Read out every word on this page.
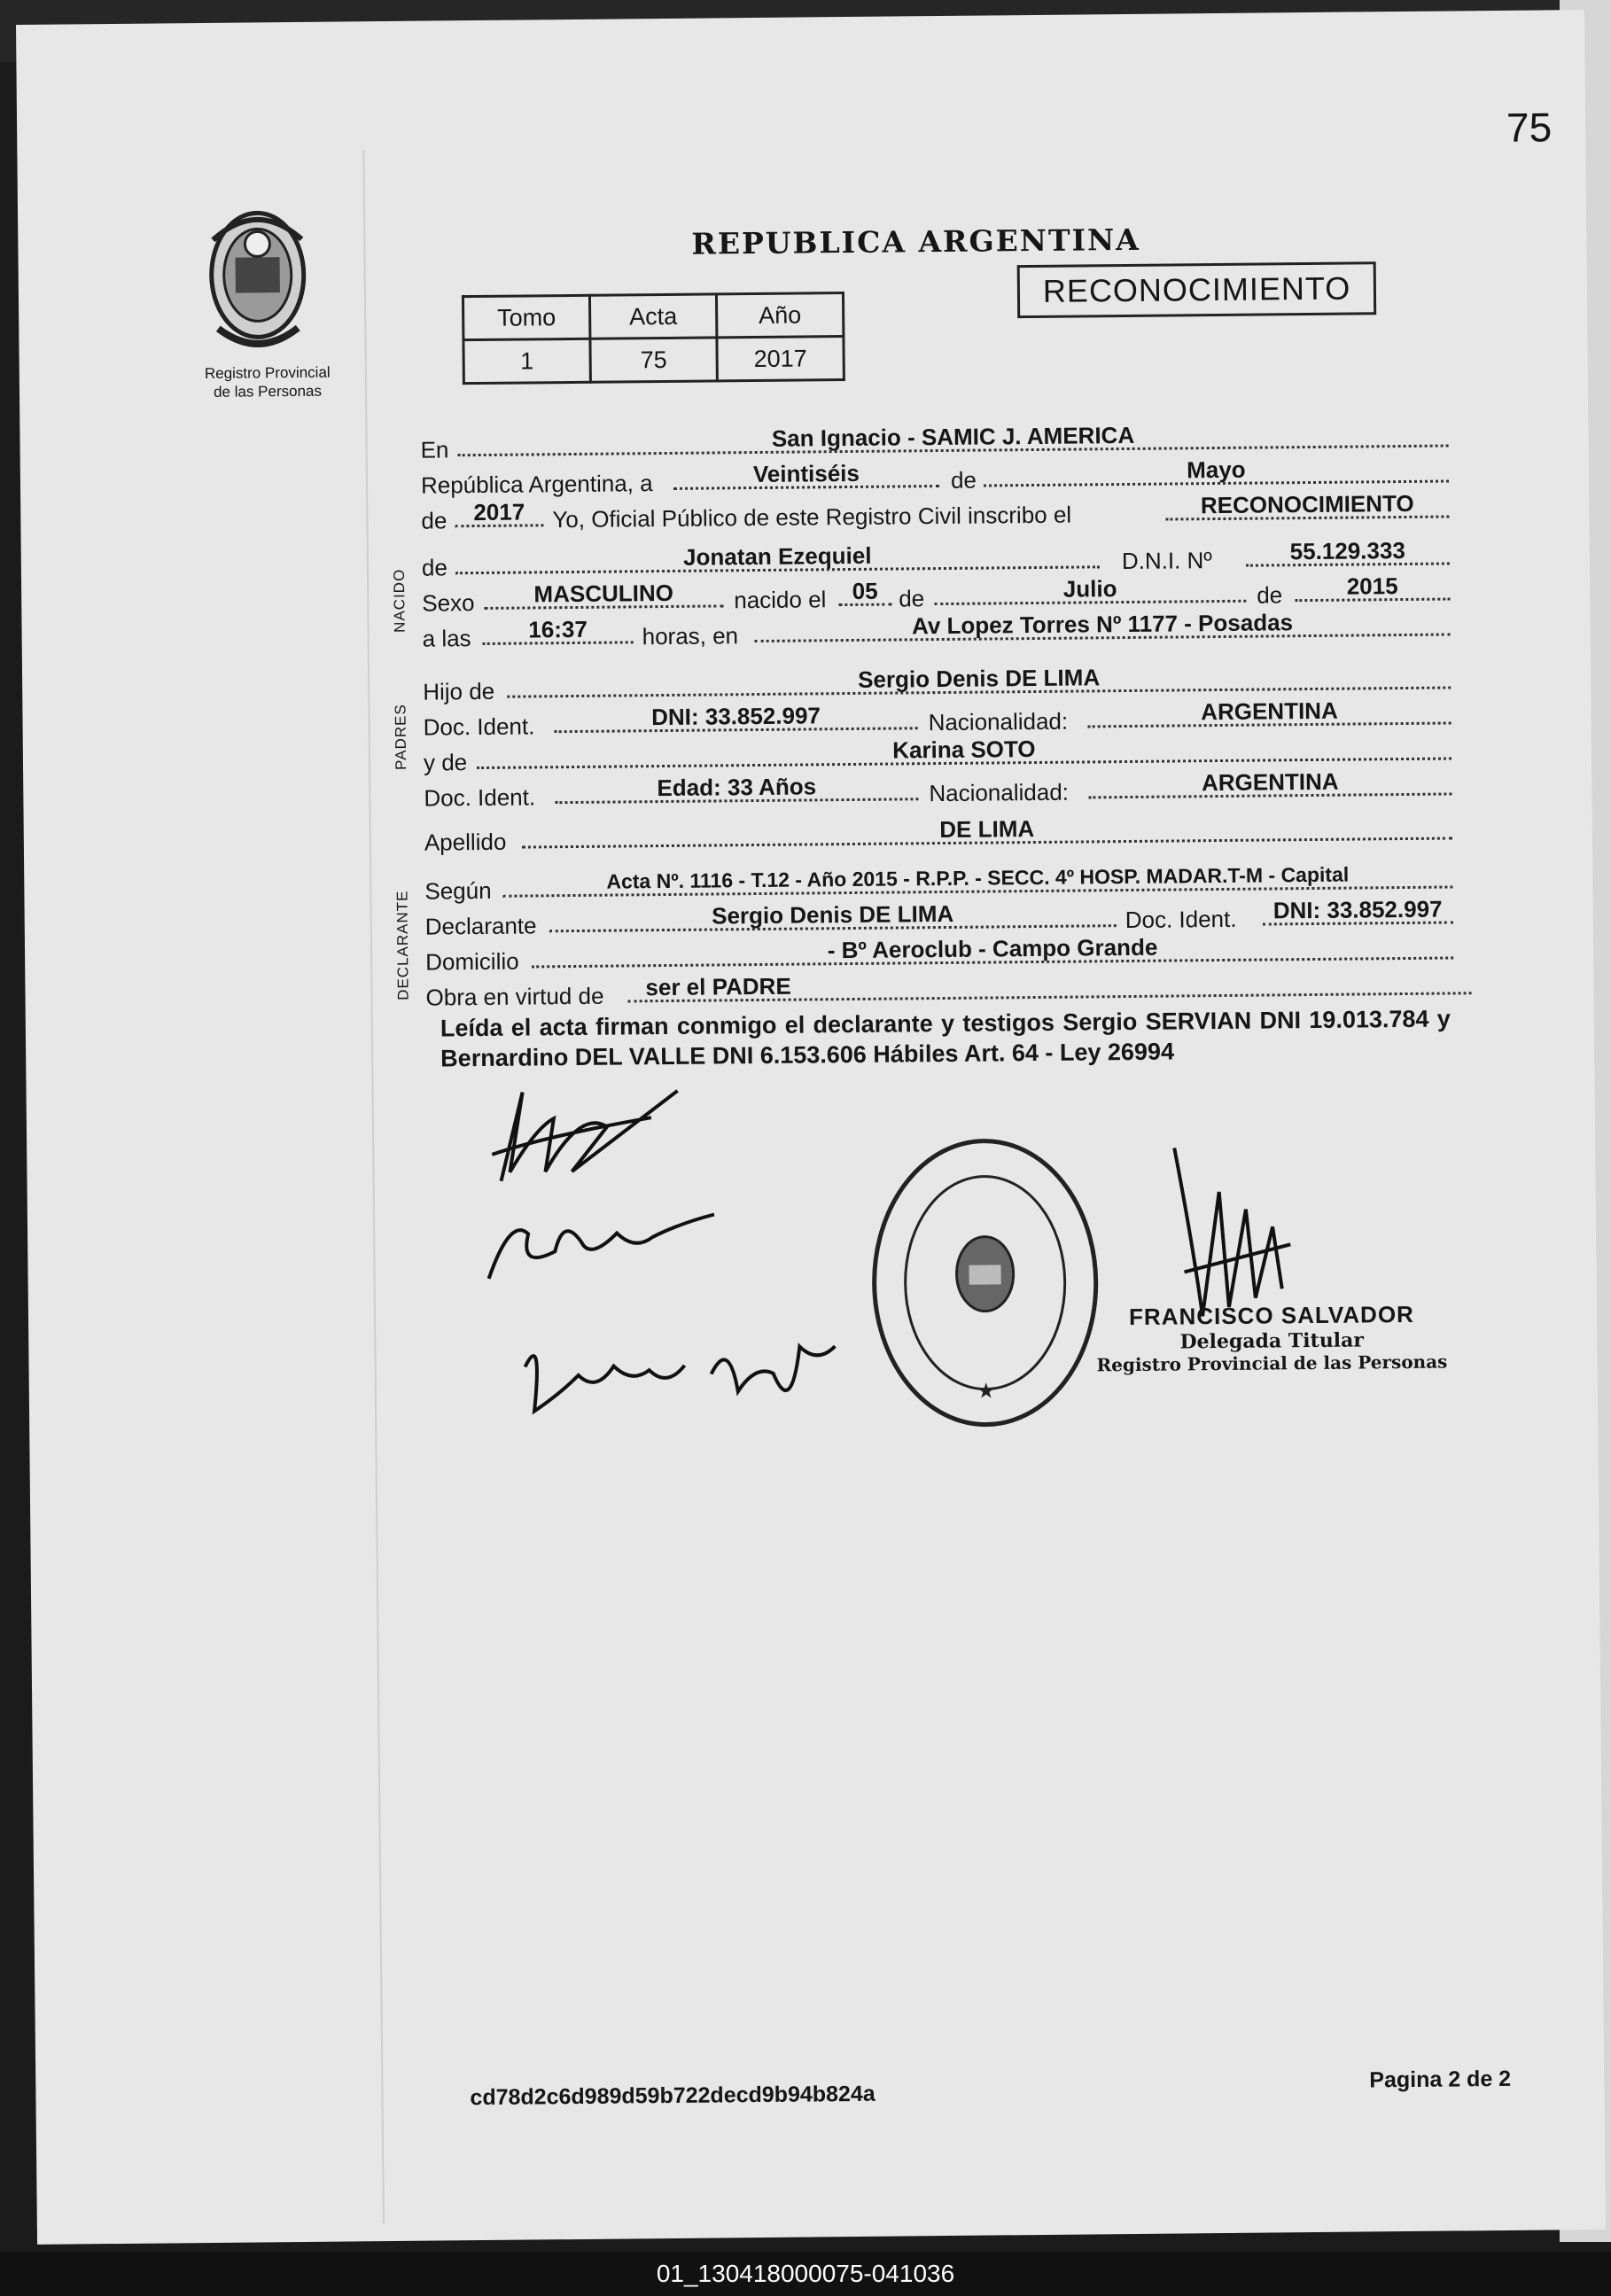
75
Registro Provincial
de las Personas
REPUBLICA ARGENTINA
Tomo	Acta	Año
1	75	2017
RECONOCIMIENTO
NACIDO
PADRES
DECLARANTE
En	San Ignacio - SAMIC J. AMERICA
República Argentina, a	Veintiséis	de	Mayo
de	2017	Yo, Oficial Público de este Registro Civil inscribo el	RECONOCIMIENTO
de	Jonatan Ezequiel	D.N.I. Nº	55.129.333
Sexo	MASCULINO	nacido el	05 de	Julio	de	2015
a las	16:37	horas, en	Av Lopez Torres Nº 1177 - Posadas
Hijo de	Sergio Denis DE LIMA
Doc. Ident.	DNI: 33.852.997	Nacionalidad:	ARGENTINA
y de	Karina SOTO
Doc. Ident.	Edad: 33 Años	Nacionalidad:	ARGENTINA
Apellido	DE LIMA
Según	Acta Nº. 1116 - T.12 - Año 2015 - R.P.P. - SECC. 4º HOSP. MADAR.T-M - Capital
Declarante	Sergio Denis DE LIMA	Doc. Ident.	DNI: 33.852.997
Domicilio	- Bº Aeroclub - Campo Grande
Obra en virtud de	ser el PADRE
Leída el acta firman conmigo el declarante y testigos Sergio SERVIAN DNI 19.013.784 y Bernardino DEL VALLE DNI 6.153.606 Hábiles Art. 64 - Ley 26994
★
FRANCISCO SALVADOR
Delegada Titular
Registro Provincial de las Personas
cd78d2c6d989d59b722decd9b94b824a
Pagina 2 de 2
01_130418000075-041036
